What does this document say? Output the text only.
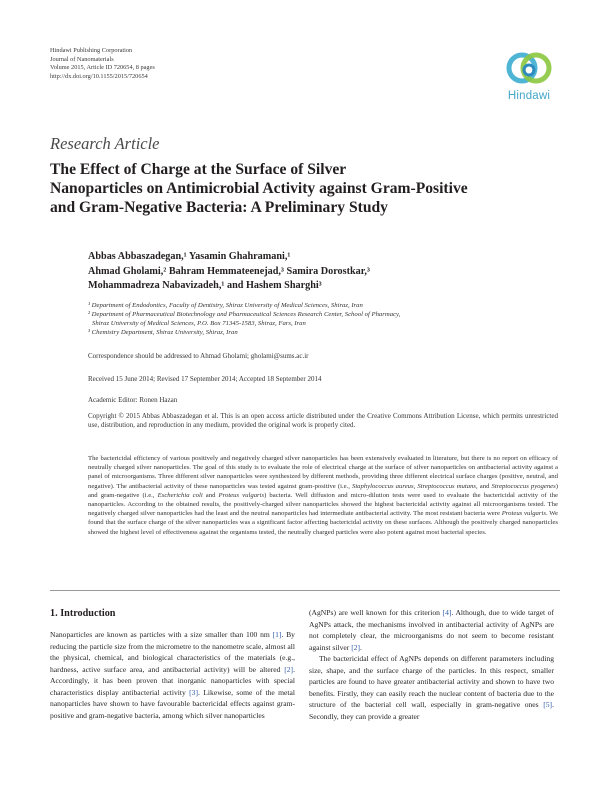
Hindawi Publishing Corporation
Journal of Nanomaterials
Volume 2015, Article ID 720654, 8 pages
http://dx.doi.org/10.1155/2015/720654
Hindawi
Research Article
The Effect of Charge at the Surface of Silver
Nanoparticles on Antimicrobial Activity against Gram-Positive
and Gram-Negative Bacteria: A Preliminary Study
Abbas Abbaszadegan,¹ Yasamin Ghahramani,¹
Ahmad Gholami,² Bahram Hemmateenejad,³ Samira Dorostkar,³
Mohammadreza Nabavizadeh,¹ and Hashem Sharghi³
¹ Department of Endodontics, Faculty of Dentistry, Shiraz University of Medical Sciences, Shiraz, Iran
² Department of Pharmaceutical Biotechnology and Pharmaceutical Sciences Research Center, School of Pharmacy,
Shiraz University of Medical Sciences, P.O. Box 71345-1583, Shiraz, Fars, Iran
³ Chemistry Department, Shiraz University, Shiraz, Iran
Correspondence should be addressed to Ahmad Gholami; gholami@sums.ac.ir
Received 15 June 2014; Revised 17 September 2014; Accepted 18 September 2014
Academic Editor: Ronen Hazan
Copyright © 2015 Abbas Abbaszadegan et al. This is an open access article distributed under the Creative Commons Attribution License, which permits unrestricted use, distribution, and reproduction in any medium, provided the original work is properly cited.
The bactericidal efficiency of various positively and negatively charged silver nanoparticles has been extensively evaluated in literature, but there is no report on efficacy of neutrally charged silver nanoparticles. The goal of this study is to evaluate the role of electrical charge at the surface of silver nanoparticles on antibacterial activity against a panel of microorganisms. Three different silver nanoparticles were synthesized by different methods, providing three different electrical surface charges (positive, neutral, and negative). The antibacterial activity of these nanoparticles was tested against gram-positive (i.e., Staphylococcus aureus, Streptococcus mutans, and Streptococcus pyogenes) and gram-negative (i.e., Escherichia coli and Proteus vulgaris) bacteria. Well diffusion and micro-dilution tests were used to evaluate the bactericidal activity of the nanoparticles. According to the obtained results, the positively-charged silver nanoparticles showed the highest bactericidal activity against all microorganisms tested. The negatively charged silver nanoparticles had the least and the neutral nanoparticles had intermediate antibacterial activity. The most resistant bacteria were Proteus vulgaris. We found that the surface charge of the silver nanoparticles was a significant factor affecting bactericidal activity on these surfaces. Although the positively charged nanoparticles showed the highest level of effectiveness against the organisms tested, the neutrally charged particles were also potent against most bacterial species.
1. Introduction
Nanoparticles are known as particles with a size smaller than 100 nm [1]. By reducing the particle size from the micrometre to the nanometre scale, almost all the physical, chemical, and biological characteristics of the materials (e.g., hardness, active surface area, and antibacterial activity) will be altered [2]. Accordingly, it has been proven that inorganic nanoparticles with special characteristics display antibacterial activity [3]. Likewise, some of the metal nanoparticles have shown to have favourable bactericidal effects against gram-positive and gram-negative bacteria, among which silver nanoparticles
(AgNPs) are well known for this criterion [4]. Although, due to wide target of AgNPs attack, the mechanisms involved in antibacterial activity of AgNPs are not completely clear, the microorganisms do not seem to become resistant against silver [2].
The bactericidal effect of AgNPs depends on different parameters including size, shape, and the surface charge of the particles. In this respect, smaller particles are found to have greater antibacterial activity and shown to have two benefits. Firstly, they can easily reach the nuclear content of bacteria due to the structure of the bacterial cell wall, especially in gram-negative ones [5]. Secondly, they can provide a greater
